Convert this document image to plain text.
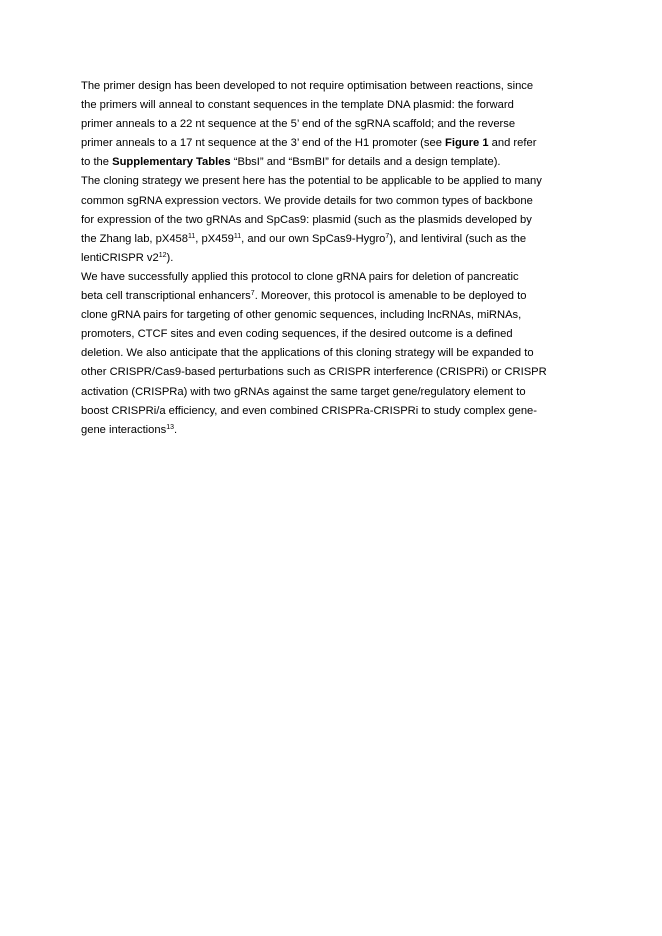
The primer design has been developed to not require optimisation between reactions, since
the primers will anneal to constant sequences in the template DNA plasmid: the forward
primer anneals to a 22 nt sequence at the 5’ end of the sgRNA scaffold; and the reverse
primer anneals to a 17 nt sequence at the 3’ end of the H1 promoter (see Figure 1 and refer
to the Supplementary Tables “BbsI” and “BsmBI” for details and a design template).
The cloning strategy we present here has the potential to be applicable to be applied to many
common sgRNA expression vectors. We provide details for two common types of backbone
for expression of the two gRNAs and SpCas9: plasmid (such as the plasmids developed by
the Zhang lab, $pX458^{11}$, $pX459^{11}$, and our own SpCas9-Hygro$^7$), and lentiviral (such as the
lentiCRISPR $v2^{12}$).
We have successfully applied this protocol to clone gRNA pairs for deletion of pancreatic
beta cell transcriptional enhancers$^7$. Moreover, this protocol is amenable to be deployed to
clone gRNA pairs for targeting of other genomic sequences, including lncRNAs, miRNAs,
promoters, CTCF sites and even coding sequences, if the desired outcome is a defined
deletion. We also anticipate that the applications of this cloning strategy will be expanded to
other CRISPR/Cas9-based perturbations such as CRISPR interference (CRISPRi) or CRISPR
activation (CRISPRa) with two gRNAs against the same target gene/regulatory element to
boost CRISPRi/a efficiency, and even combined CRISPRa-CRISPRi to study complex gene-
gene interactions$^{13}$.
